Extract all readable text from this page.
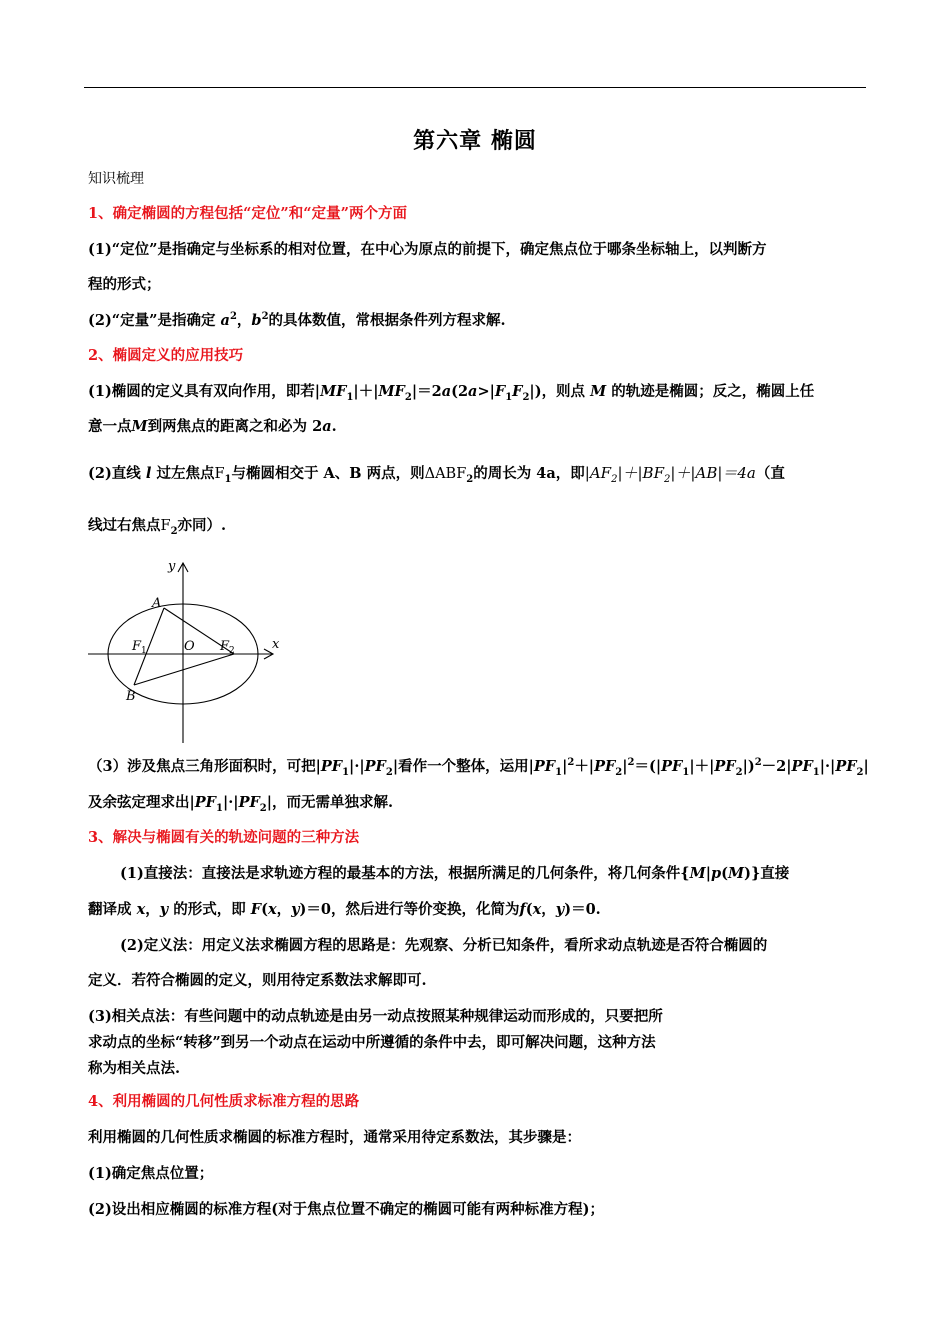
第六章 椭圆
知识梳理
1、确定椭圆的方程包括“定位”和“定量”两个方面
(1)“定位”是指确定与坐标系的相对位置，在中心为原点的前提下，确定焦点位于哪条坐标轴上，以判断方
程的形式；
(2)“定量”是指确定 $a^2$，$b^2$的具体数值，常根据条件列方程求解.
2、椭圆定义的应用技巧
(1)椭圆的定义具有双向作用，即若$|MF_1|+|MF_2|=2a(2a>|F_1F_2|)$，则点 M 的轨迹是椭圆；反之，椭圆上任
意一点M到两焦点的距离之和必为 2a.
(2)直线 l 过左焦点$F_1$与椭圆相交于 A、B 两点，则$\Delta ABF_2$的周长为 4a，即$|AF_2|+|BF_2|+|AB|=4a$（直
线过右焦点$F_2$亦同）.
y
x
A
B
F 1	F 2
O
（3）涉及焦点三角形面积时，可把$|PF_1|\cdot|PF_2|$看作一个整体，运用$|PF_1|^2+|PF_2|^2=(|PF_1|+|PF_2|)^2-2|PF_1|\cdot|PF_2|$
及余弦定理求出$|PF_1|\cdot|PF_2|$，而无需单独求解.
3、解决与椭圆有关的轨迹问题的三种方法
(1)直接法：直接法是求轨迹方程的最基本的方法，根据所满足的几何条件，将几何条件{M|p(M)}直接
翻译成 x，y 的形式，即 F(x，y)＝0，然后进行等价变换，化简为f(x，y)＝0.
(2)定义法：用定义法求椭圆方程的思路是：先观察、分析已知条件，看所求动点轨迹是否符合椭圆的
定义．若符合椭圆的定义，则用待定系数法求解即可.
(3)相关点法：有些问题中的动点轨迹是由另一动点按照某种规律运动而形成的，只要把所
求动点的坐标“转移”到另一个动点在运动中所遵循的条件中去，即可解决问题，这种方法
称为相关点法.
4、利用椭圆的几何性质求标准方程的思路
利用椭圆的几何性质求椭圆的标准方程时，通常采用待定系数法，其步骤是：
(1)确定焦点位置；
(2)设出相应椭圆的标准方程(对于焦点位置不确定的椭圆可能有两种标准方程)；
